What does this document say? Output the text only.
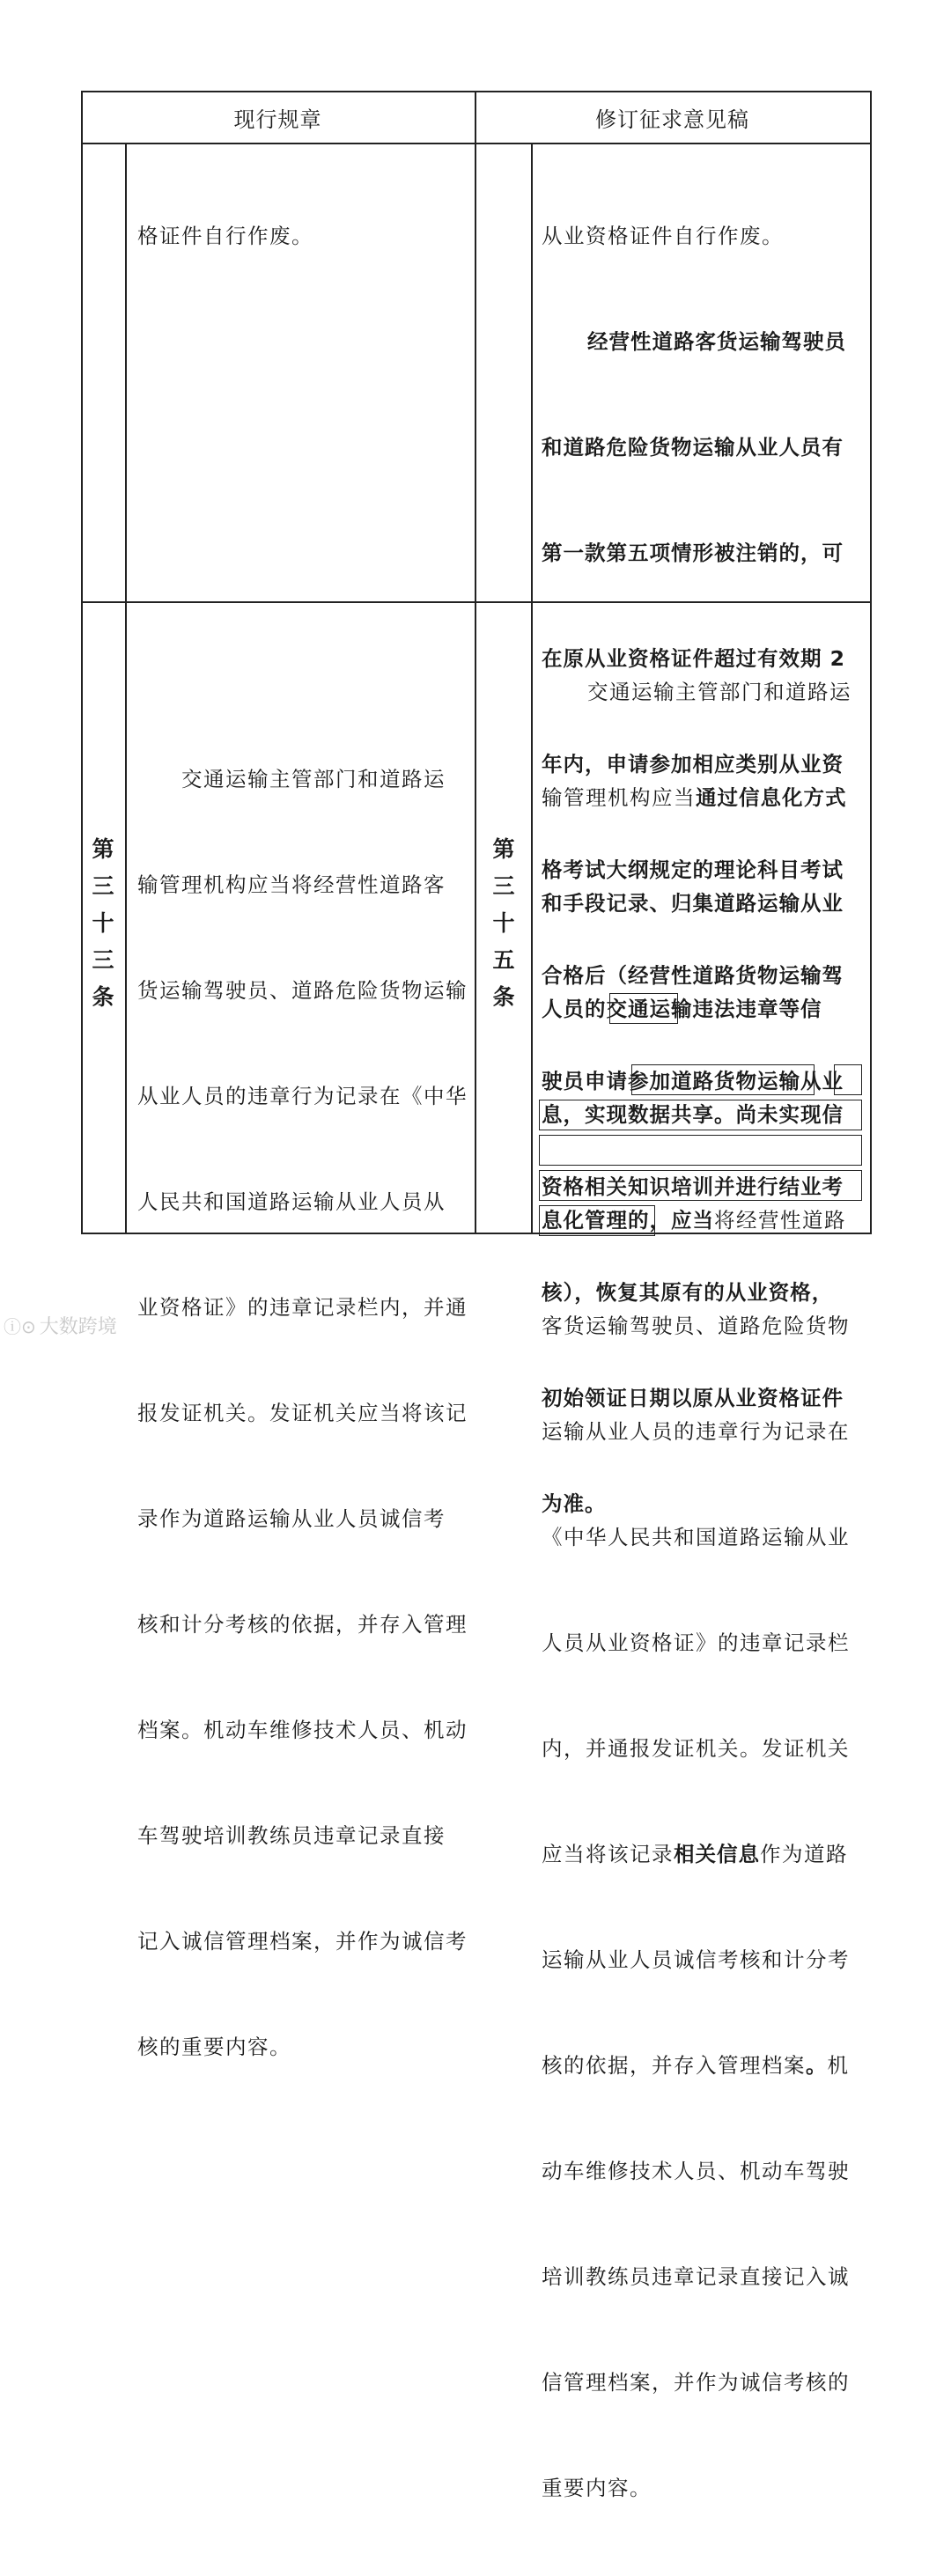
现行规章	修订征求意见稿

格证件自行作废。

	从业资格证件自行作废。

经营性道路客货运输驾驶员

和道路危险货物运输从业人员有

第一款第五项情形被注销的，可

在原从业资格证件超过有效期 2

年内，申请参加相应类别从业资

格考试大纲规定的理论科目考试

合格后（经营性道路货物运输驾

驶员申请参加道路货物运输从业

资格相关知识培训并进行结业考

核），恢复其原有的从业资格，

初始领证日期以原从业资格证件

为准。

第
三
十
三
条

交通运输主管部门和道路运

输管理机构应当将经营性道路客

货运输驾驶员、道路危险货物运输

从业人员的违章行为记录在《中华

人民共和国道路运输从业人员从

业资格证》的违章记录栏内，并通

报发证机关。发证机关应当将该记

录作为道路运输从业人员诚信考

核和计分考核的依据，并存入管理

档案。机动车维修技术人员、机动

车驾驶培训教练员违章记录直接

记入诚信管理档案，并作为诚信考

核的重要内容。

第
三
十
五
条

交通运输主管部门和道路运

输管理机构应当通过信息化方式

和手段记录、归集道路运输从业

人员的交通运输违法违章等信

息，实现数据共享。尚未实现信

息化管理的，应当将经营性道路

客货运输驾驶员、道路危险货物

运输从业人员的违章行为记录在

《中华人民共和国道路运输从业

人员从业资格证》的违章记录栏

内，并通报发证机关。发证机关

应当将该记录相关信息作为道路

运输从业人员诚信考核和计分考

核的依据，并存入管理档案。机

动车维修技术人员、机动车驾驶

培训教练员违章记录直接记入诚

信管理档案，并作为诚信考核的

重要内容。

ⓘ⊙ 大数跨境
